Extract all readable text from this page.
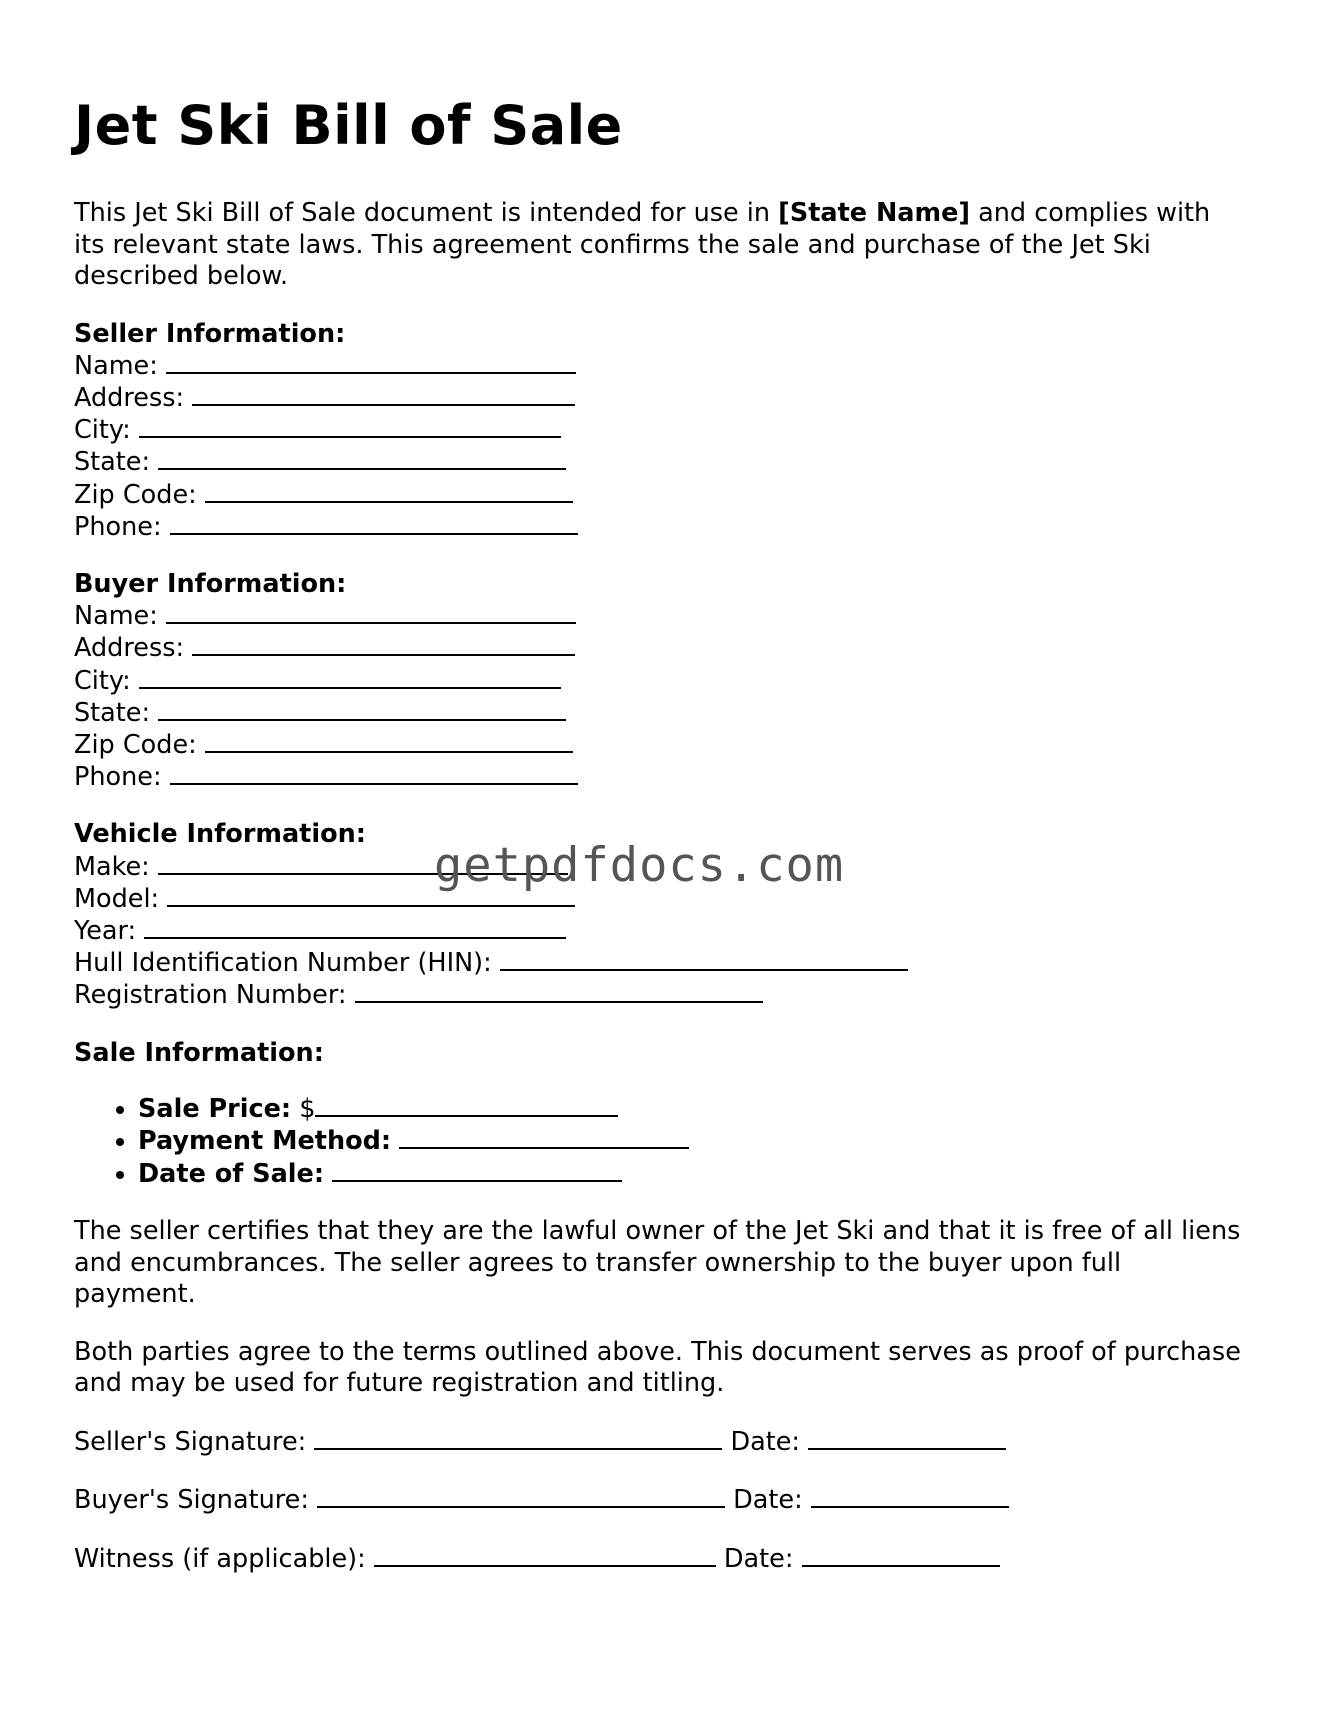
Jet Ski Bill of Sale

This Jet Ski Bill of Sale document is intended for use in [State Name] and complies with its relevant state laws. This agreement confirms the sale and purchase of the Jet Ski described below.

Seller Information:
Name:
Address:
City:
State:
Zip Code:
Phone:
Buyer Information:
Name:
Address:
City:
State:
Zip Code:
Phone:
Vehicle Information:
Make:
Model:
Year:
Hull Identification Number (HIN):
Registration Number:
Sale Information:
• Sale Price: $
• Payment Method:
• Date of Sale:

The seller certifies that they are the lawful owner of the Jet Ski and that it is free of all liens and encumbrances. The seller agrees to transfer ownership to the buyer upon full payment.

Both parties agree to the terms outlined above. This document serves as proof of purchase and may be used for future registration and titling.

Seller's Signature:	Date:
Buyer's Signature:	Date:
Witness (if applicable):	Date:
getpdfdocs.com
